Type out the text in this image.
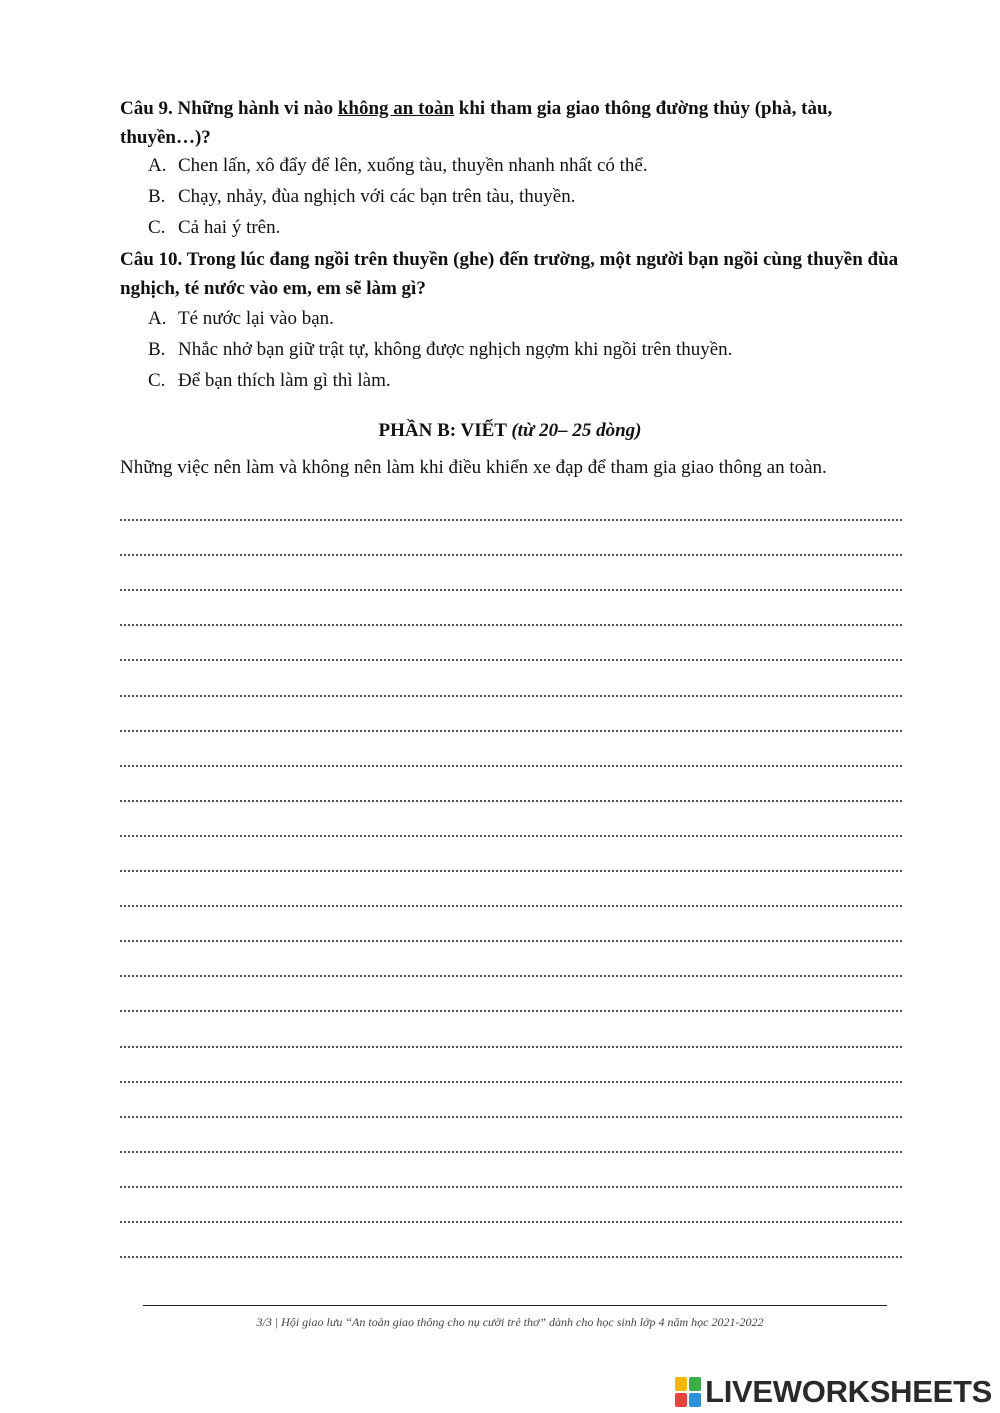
Câu 9. Những hành vi nào không an toàn khi tham gia giao thông đường thủy (phà, tàu, thuyền…)?
A. Chen lấn, xô đẩy để lên, xuống tàu, thuyền nhanh nhất có thể.
B. Chạy, nhảy, đùa nghịch với các bạn trên tàu, thuyền.
C. Cả hai ý trên.
Câu 10. Trong lúc đang ngồi trên thuyền (ghe) đến trường, một người bạn ngồi cùng thuyền đùa nghịch, té nước vào em, em sẽ làm gì?
A. Té nước lại vào bạn.
B. Nhắc nhở bạn giữ trật tự, không được nghịch ngợm khi ngồi trên thuyền.
C. Để bạn thích làm gì thì làm.
PHẦN B: VIẾT (từ 20– 25 dòng)
Những việc nên làm và không nên làm khi điều khiển xe đạp để tham gia giao thông an toàn.
3/3 | Hội giao lưu “An toàn giao thông cho nụ cười trẻ thơ” dành cho học sinh lớp 4 năm học 2021-2022
LIVEWORKSHEETS
